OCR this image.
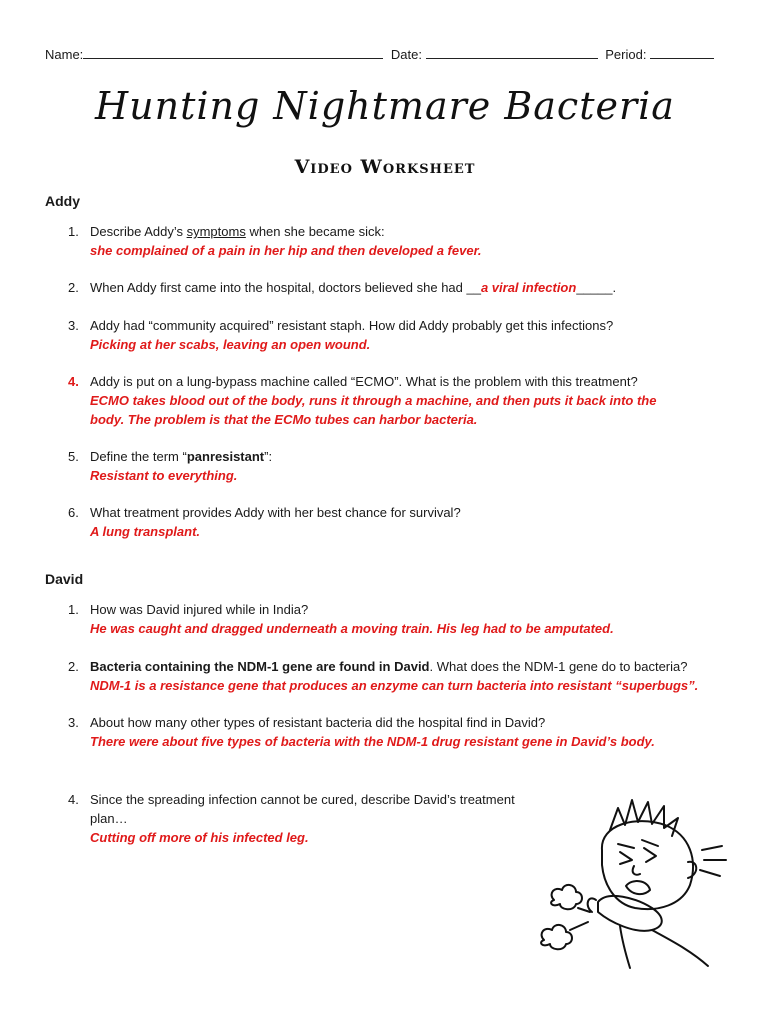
Name:	Date:	Period:
Hunting Nightmare Bacteria
Video Worksheet
Addy
1. Describe Addy’s symptoms when she became sick:
she complained of a pain in her hip and then developed a fever.
2. When Addy first came into the hospital, doctors believed she had __a viral infection_____.
3. Addy had “community acquired” resistant staph. How did Addy probably get this infections?
Picking at her scabs, leaving an open wound.
4. Addy is put on a lung-bypass machine called “ECMO”. What is the problem with this treatment?
ECMO takes blood out of the body, runs it through a machine, and then puts it back into the body. The problem is that the ECMo tubes can harbor bacteria.
5. Define the term “panresistant”:
Resistant to everything.
6. What treatment provides Addy with her best chance for survival?
A lung transplant.
David
1. How was David injured while in India?
He was caught and dragged underneath a moving train. His leg had to be amputated.
2. Bacteria containing the NDM-1 gene are found in David. What does the NDM-1 gene do to bacteria?
NDM-1 is a resistance gene that produces an enzyme can turn bacteria into resistant “superbugs”.
3. About how many other types of resistant bacteria did the hospital find in David?
There were about five types of bacteria with the NDM-1 drug resistant gene in David’s body.
4. Since the spreading infection cannot be cured, describe David’s treatment plan…
Cutting off more of his infected leg.
